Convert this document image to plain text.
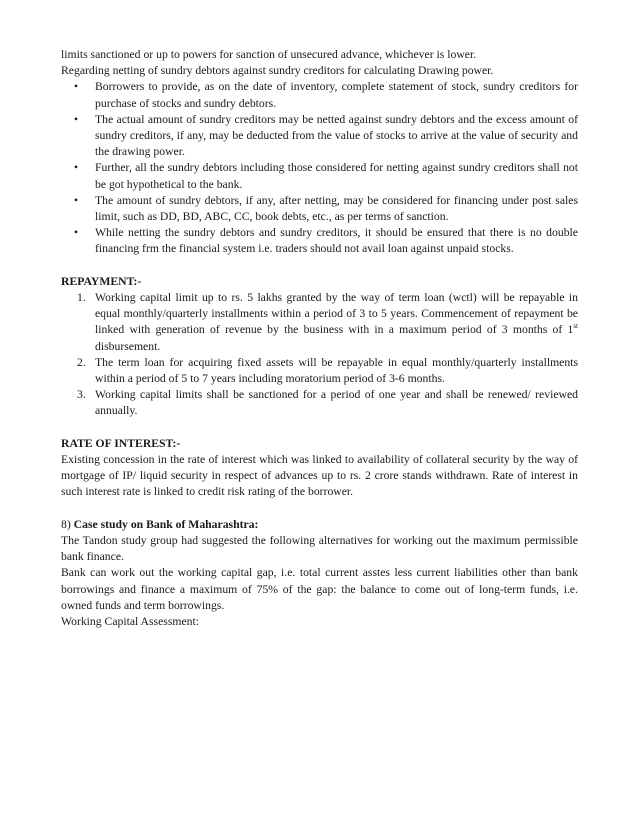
limits sanctioned or up to powers for sanction of unsecured advance, whichever is lower.

Regarding netting of sundry debtors against sundry creditors for calculating Drawing power.

• Borrowers to provide, as on the date of inventory, complete statement of stock, sundry creditors for purchase of stocks and sundry debtors.
• The actual amount of sundry creditors may be netted against sundry debtors and the excess amount of sundry creditors, if any, may be deducted from the value of stocks to arrive at the value of security and the drawing power.
• Further, all the sundry debtors including those considered for netting against sundry creditors shall not be got hypothetical to the bank.
• The amount of sundry debtors, if any, after netting, may be considered for financing under post sales limit, such as DD, BD, ABC, CC, book debts, etc., as per terms of sanction.
• While netting the sundry debtors and sundry creditors, it should be ensured that there is no double financing frm the financial system i.e. traders should not avail loan against unpaid stocks.

REPAYMENT:-

1. Working capital limit up to rs. 5 lakhs granted by the way of term loan (wctl) will be repayable in equal monthly/quarterly installments within a period of 3 to 5 years. Commencement of repayment be linked with generation of revenue by the business with in a maximum period of 3 months of 1st disbursement.
2. The term loan for acquiring fixed assets will be repayable in equal monthly/quarterly installments within a period of 5 to 7 years including moratorium period of 3-6 months.
3. Working capital limits shall be sanctioned for a period of one year and shall be renewed/ reviewed annually.

RATE OF INTEREST:-

Existing concession in the rate of interest which was linked to availability of collateral security by the way of mortgage of IP/ liquid security in respect of advances up to rs. 2 crore stands withdrawn. Rate of interest in such interest rate is linked to credit risk rating of the borrower.

8) Case study on Bank of Maharashtra:

The Tandon study group had suggested the following alternatives for working out the maximum permissible bank finance.

Bank can work out the working capital gap, i.e. total current asstes less current liabilities other than bank borrowings and finance a maximum of 75% of the gap: the balance to come out of long-term funds, i.e. owned funds and term borrowings.

Working Capital Assessment:
